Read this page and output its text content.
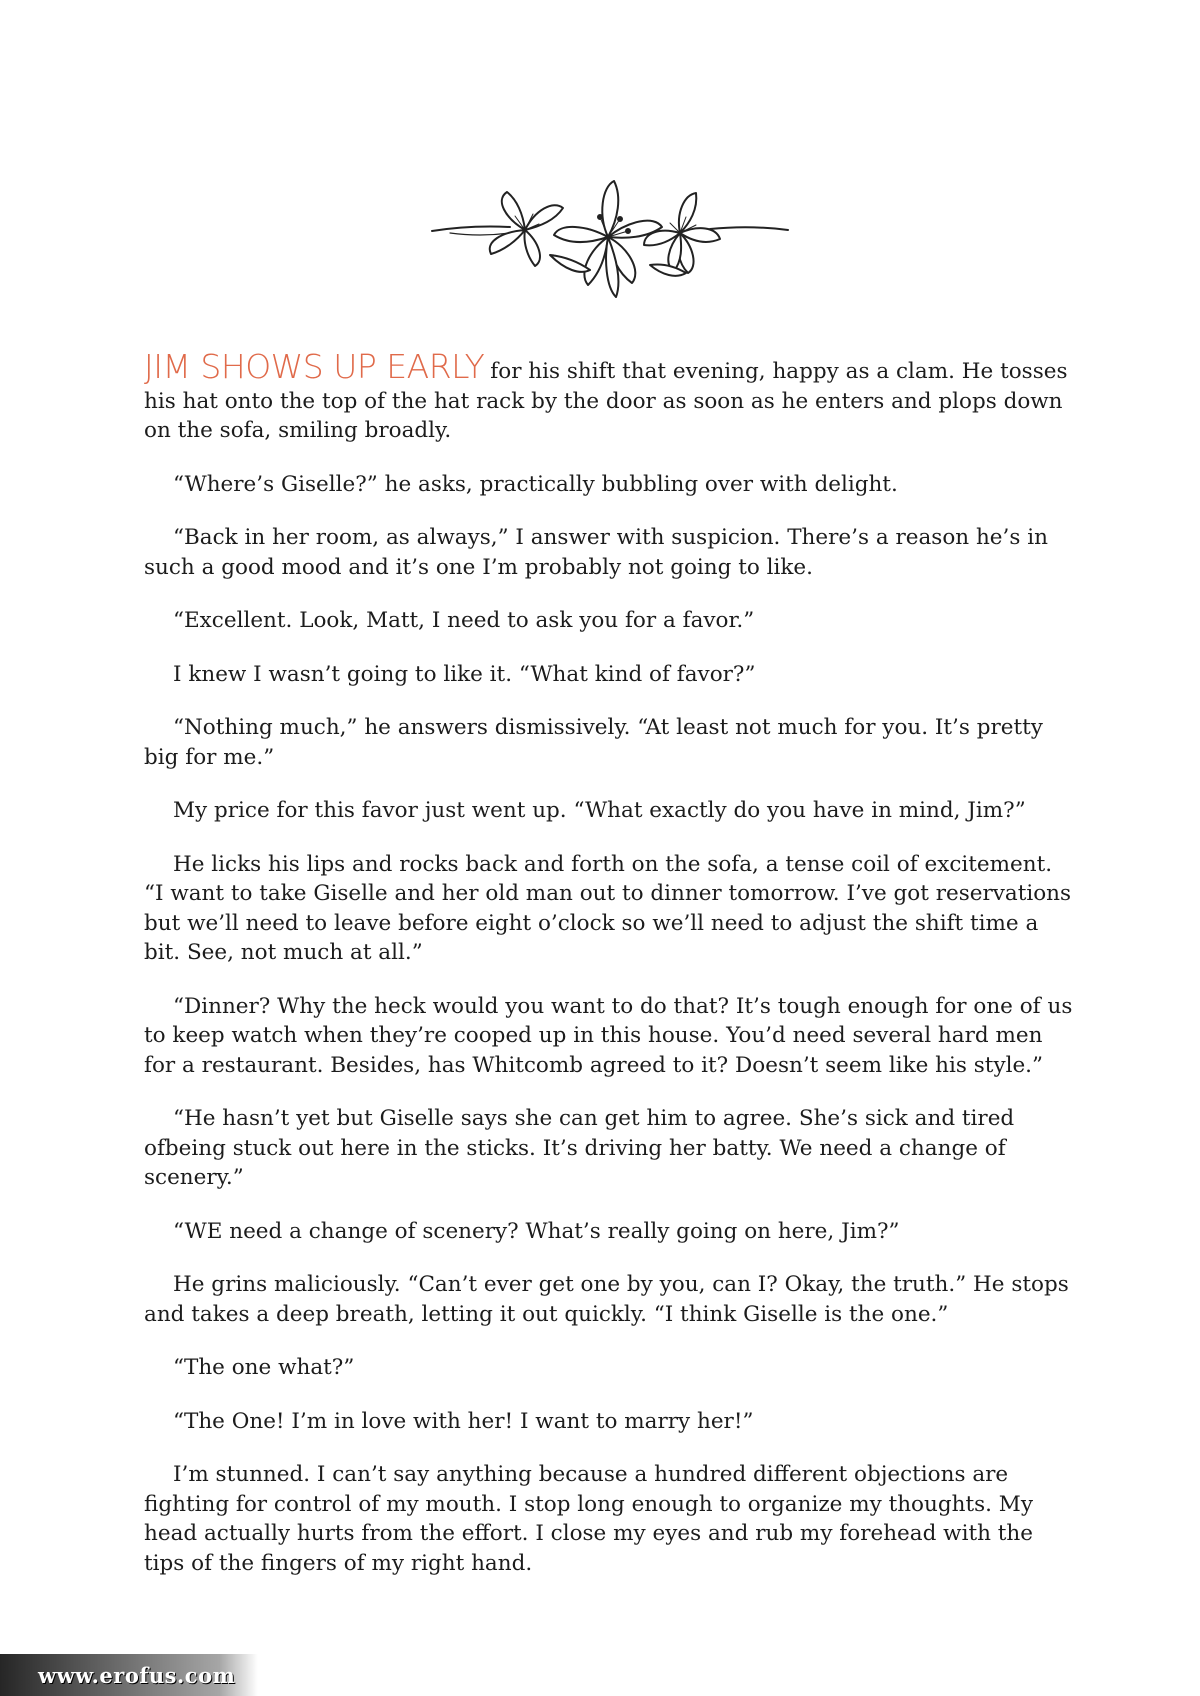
JIM SHOWS UP EARLY for his shift that evening, happy as a clam. He tosses his hat onto the top of the hat rack by the door as soon as he enters and plops down on the sofa, smiling broadly.

“Where’s Giselle?” he asks, practically bubbling over with delight.

“Back in her room, as always,” I answer with suspicion. There’s a reason he’s in such a good mood and it’s one I’m probably not going to like.

“Excellent. Look, Matt, I need to ask you for a favor.”

I knew I wasn’t going to like it. “What kind of favor?”

“Nothing much,” he answers dismissively. “At least not much for you. It’s pretty big for me.”

My price for this favor just went up. “What exactly do you have in mind, Jim?”

He licks his lips and rocks back and forth on the sofa, a tense coil of excitement. “I want to take Giselle and her old man out to dinner tomorrow. I’ve got reservations but we’ll need to leave before eight o’clock so we’ll need to adjust the shift time a bit. See, not much at all.”

“Dinner? Why the heck would you want to do that? It’s tough enough for one of us to keep watch when they’re cooped up in this house. You’d need several hard men for a restaurant. Besides, has Whitcomb agreed to it? Doesn’t seem like his style.”

“He hasn’t yet but Giselle says she can get him to agree. She’s sick and tired ofbeing stuck out here in the sticks. It’s driving her batty. We need a change of scenery.”

“WE need a change of scenery? What’s really going on here, Jim?”

He grins maliciously. “Can’t ever get one by you, can I? Okay, the truth.” He stops and takes a deep breath, letting it out quickly. “I think Giselle is the one.”

“The one what?”

“The One! I’m in love with her! I want to marry her!”

I’m stunned. I can’t say anything because a hundred different objections are fighting for control of my mouth. I stop long enough to organize my thoughts. My head actually hurts from the effort. I close my eyes and rub my forehead with the tips of the fingers of my right hand.

www.erofus.com
